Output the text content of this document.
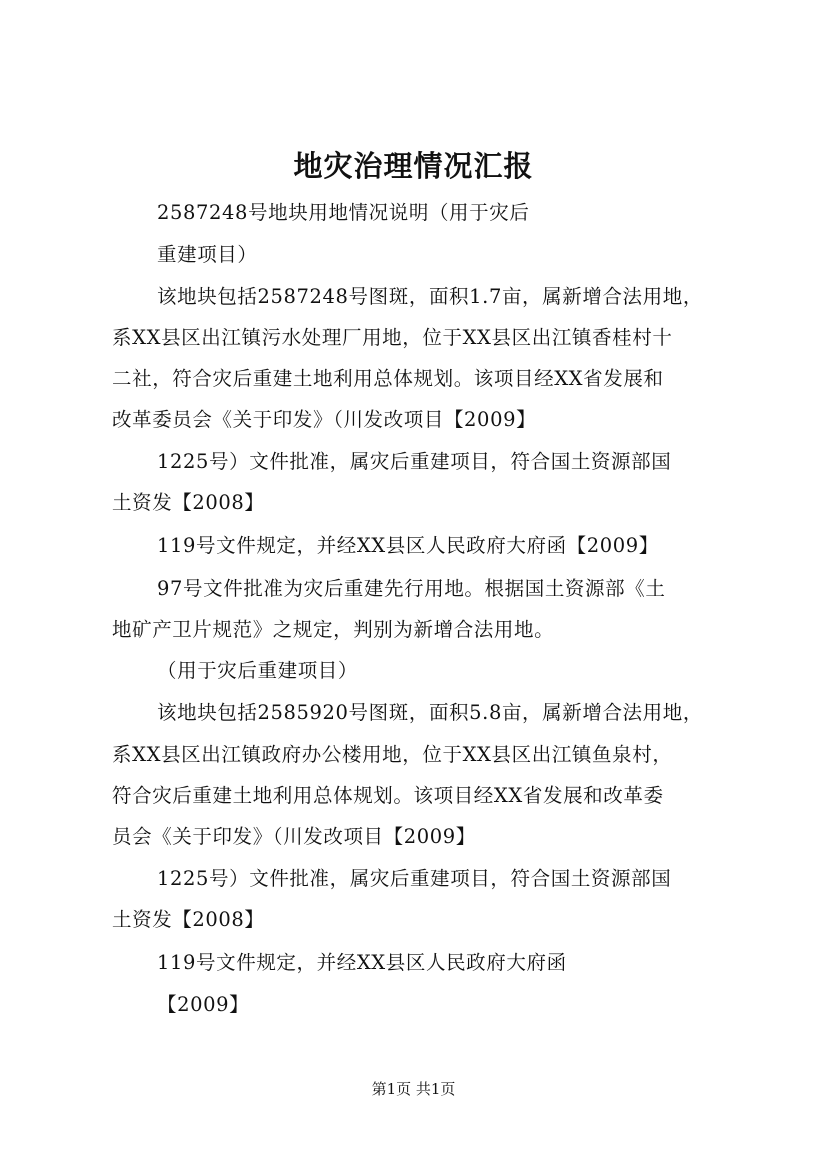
地灾治理情况汇报
2587248号地块用地情况说明（用于灾后
重建项目）
该地块包括2587248号图斑，面积1.7亩，属新增合法用地，
系XX县区出江镇污水处理厂用地，位于XX县区出江镇香桂村十
二社，符合灾后重建土地利用总体规划。该项目经XX省发展和
改革委员会《关于印发》（川发改项目【2009】
1225号）文件批准，属灾后重建项目，符合国土资源部国
土资发【2008】
119号文件规定，并经XX县区人民政府大府函【2009】
97号文件批准为灾后重建先行用地。根据国土资源部《土
地矿产卫片规范》之规定，判别为新增合法用地。
（用于灾后重建项目）
该地块包括2585920号图斑，面积5.8亩，属新增合法用地，
系XX县区出江镇政府办公楼用地，位于XX县区出江镇鱼泉村，
符合灾后重建土地利用总体规划。该项目经XX省发展和改革委
员会《关于印发》（川发改项目【2009】
1225号）文件批准，属灾后重建项目，符合国土资源部国
土资发【2008】
119号文件规定，并经XX县区人民政府大府函
【2009】
第1页 共1页
